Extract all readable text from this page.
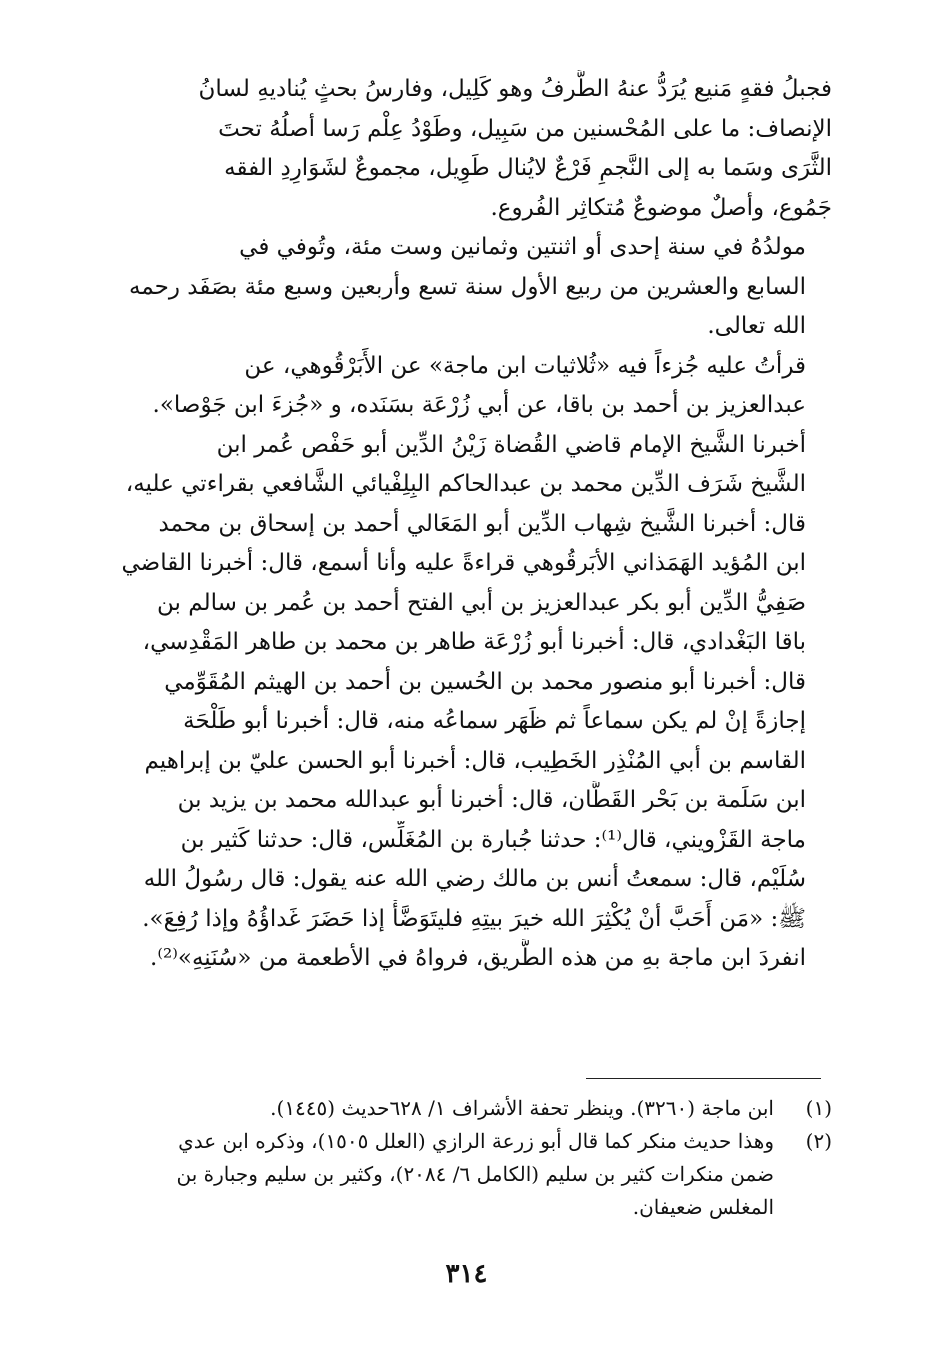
فجبلُ فقهٍ مَنيع يُرَدُّ عنهُ الطَّرفُ وهو كَلِيل، وفارسُ بحثٍ يُناديهِ لسانُ
الإنصاف: ما على المُحْسنين من سَبِيل، وطَوْدُ عِلْم رَسا أصلُهُ تحتَ
الثَّرَى وسَما به إلى النَّجمِ فَرْعٌ لايُنال طَوِيل، مجموعٌ لشَوَارِدِ الفقه
جَمُوع، وأصلٌ موضوعٌ مُتكاثِر الفُروع.

مولدُهُ في سنة إحدى أو اثنتين وثمانين وست مئة، وتُوفي في
السابع والعشرين من ربيع الأول سنة تسع وأربعين وسبع مئة بصَفَد رحمه
الله تعالى.

قرأتُ عليه جُزءاً فيه «ثُلاثيات ابن ماجة» عن الأَبَرْقُوهي، عن
عبدالعزيز بن أحمد بن باقا، عن أبي زُرْعَة بسَنَده، و «جُزءَ ابن جَوْصا».

أخبرنا الشَّيخ الإمام قاضي القُضاة زَيْنُ الدِّين أبو حَفْص عُمر ابن
الشَّيخ شَرَف الدِّين محمد بن عبدالحاكم البِلِفْيائي الشَّافعي بقراءتي عليه،
قال: أخبرنا الشَّيخ شِهاب الدِّين أبو المَعَالي أحمد بن إسحاق بن محمد
ابن المُؤيد الهَمَذاني الأبَرقُوهي قراءةً عليه وأنا أسمع، قال: أخبرنا القاضي
صَفِيُّ الدِّين أبو بكر عبدالعزيز بن أبي الفتح أحمد بن عُمر بن سالم بن
باقا البَغْدادي، قال: أخبرنا أبو زُرْعَة طاهر بن محمد بن طاهر المَقْدِسي،
قال: أخبرنا أبو منصور محمد بن الحُسين بن أحمد بن الهيثم المُقَوِّمي
إجازةً إنْ لم يكن سماعاً ثم ظَهَر سماعُه منه، قال: أخبرنا أبو طَلْحَة
القاسم بن أبي المُنْذِر الخَطِيب، قال: أخبرنا أبو الحسن عليّ بن إبراهيم
ابن سَلَمة بن بَحْر القَطَّان، قال: أخبرنا أبو عبدالله محمد بن يزيد بن
ماجة القَزْويني، قال⁽¹⁾: حدثنا جُبارة بن المُغَلِّس، قال: حدثنا كَثير بن
سُلَيْم، قال: سمعتُ أنس بن مالك رضي الله عنه يقول: قال رسُولُ الله
ﷺ: «مَن أَحَبَّ أنْ يُكْثِرَ الله خيرَ بيتِهِ فليتَوَضَّأْ إذا حَضَرَ غَداؤُهُ وإذا رُفِعَ».

انفردَ ابن ماجة بهِ من هذه الطَّريق، فرواهُ في الأطعمة من «سُنَنِهِ»⁽²⁾.

(١)
ابن ماجة (٣٢٦٠). وينظر تحفة الأشراف ١/ ٦٢٨حديث (١٤٤٥).
(٢)
وهذا حديث منكر كما قال أبو زرعة الرازي (العلل ١٥٠٥)، وذكره ابن عدي
ضمن منكرات كثير بن سليم (الكامل ٦/ ٢٠٨٤)، وكثير بن سليم وجبارة بن
المغلس ضعيفان.
٣١٤
